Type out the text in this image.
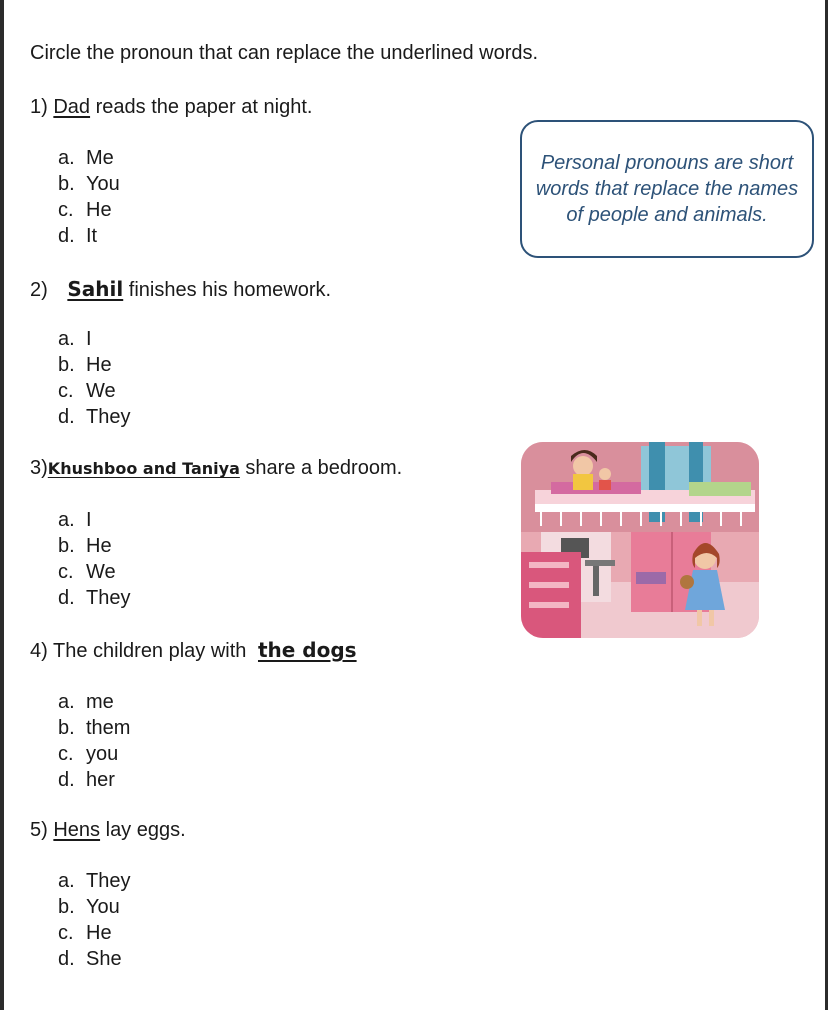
Circle the pronoun that can replace the underlined words.
1) Dad reads the paper at night.
a. Me
b. You
c. He
d. It

Personal pronouns are short words that replace the names of people and animals.

2) Sahil finishes his homework.
a. I
b. He
c. We
d. They
3)Khushboo and Taniya share a bedroom.
a. I
b. He
c. We
d. They
4) The children play with the dogs
a. me
b. them
c. you
d. her
5) Hens lay eggs.
a. They
b. You
c. He
d. She
